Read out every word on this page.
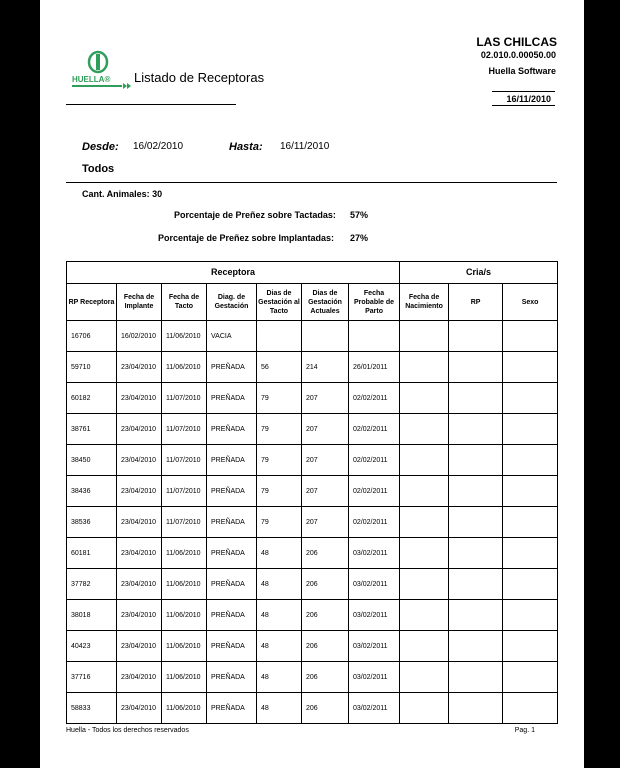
HUELLA® Listado de Receptoras
LAS CHILCAS
02.010.0.00050.00
Huella Software
16/11/2010
Desde: 16/02/2010	Hasta: 16/11/2010
Todos
Cant. Animales: 30
Porcentaje de Preñez sobre Tactadas: 57%
Porcentaje de Preñez sobre Implantadas: 27%
Receptora							Cria/s		
RP Receptora	Fecha de Implante	Fecha de Tacto	Diag. de Gestación	Dias de Gestación al Tacto	Dias de Gestación Actuales	Fecha Probable de Parto	Fecha de Nacimiento	RP	Sexo
16706	16/02/2010	11/06/2010	VACIA						
59710	23/04/2010	11/06/2010	PREÑADA	56	214	26/01/2011			
60182	23/04/2010	11/07/2010	PREÑADA	79	207	02/02/2011			
38761	23/04/2010	11/07/2010	PREÑADA	79	207	02/02/2011			
38450	23/04/2010	11/07/2010	PREÑADA	79	207	02/02/2011			
38436	23/04/2010	11/07/2010	PREÑADA	79	207	02/02/2011			
38536	23/04/2010	11/07/2010	PREÑADA	79	207	02/02/2011			
60181	23/04/2010	11/06/2010	PREÑADA	48	206	03/02/2011			
37782	23/04/2010	11/06/2010	PREÑADA	48	206	03/02/2011			
38018	23/04/2010	11/06/2010	PREÑADA	48	206	03/02/2011			
40423	23/04/2010	11/06/2010	PREÑADA	48	206	03/02/2011			
37716	23/04/2010	11/06/2010	PREÑADA	48	206	03/02/2011			
58833	23/04/2010	11/06/2010	PREÑADA	48	206	03/02/2011			
Huella - Todos los derechos reservados	Pag. 1
